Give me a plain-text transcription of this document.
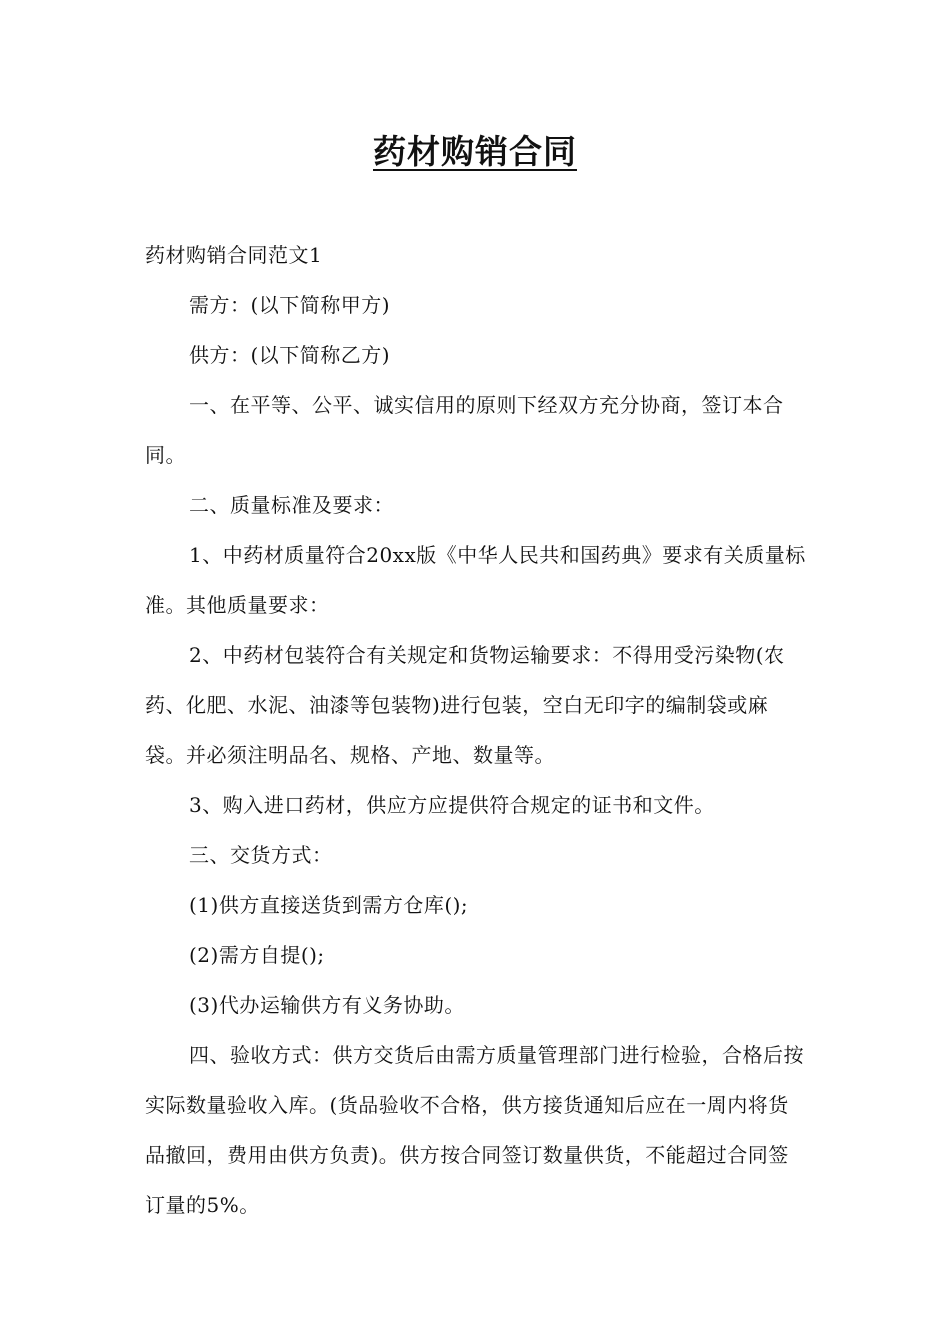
药材购销合同

药材购销合同范文1

需方：(以下简称甲方)

供方：(以下简称乙方)

一、在平等、公平、诚实信用的原则下经双方充分协商，签订本合同。

二、质量标准及要求：

1、中药材质量符合20xx版《中华人民共和国药典》要求有关质量标准。其他质量要求：

2、中药材包装符合有关规定和货物运输要求：不得用受污染物(农药、化肥、水泥、油漆等包装物)进行包装，空白无印字的编制袋或麻袋。并必须注明品名、规格、产地、数量等。

3、购入进口药材，供应方应提供符合规定的证书和文件。

三、交货方式：

(1)供方直接送货到需方仓库();

(2)需方自提();

(3)代办运输供方有义务协助。

四、验收方式：供方交货后由需方质量管理部门进行检验，合格后按实际数量验收入库。(货品验收不合格，供方接货通知后应在一周内将货品撤回，费用由供方负责)。供方按合同签订数量供货，不能超过合同签订量的5%。
